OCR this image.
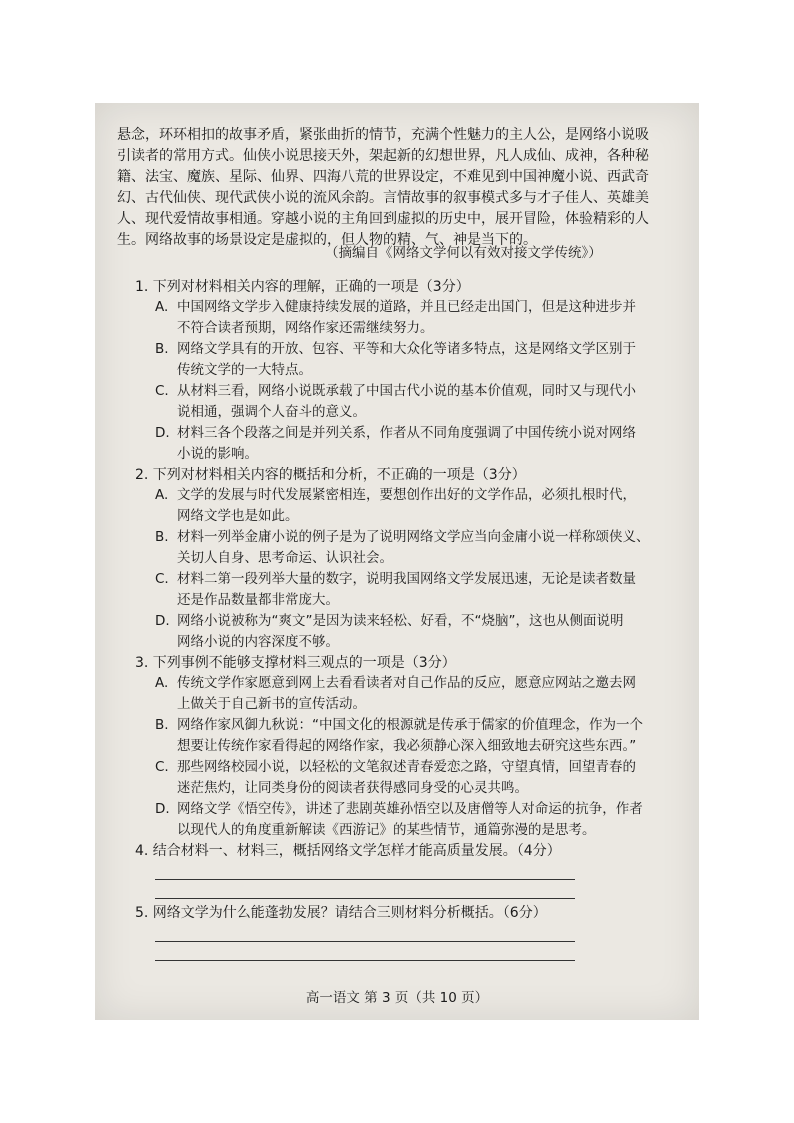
悬念，环环相扣的故事矛盾，紧张曲折的情节，充满个性魅力的主人公，是网络小说吸
引读者的常用方式。仙侠小说思接天外，架起新的幻想世界，凡人成仙、成神，各种秘
籍、法宝、魔族、星际、仙界、四海八荒的世界设定，不难见到中国神魔小说、西武奇
幻、古代仙侠、现代武侠小说的流风余韵。言情故事的叙事模式多与才子佳人、英雄美
人、现代爱情故事相通。穿越小说的主角回到虚拟的历史中，展开冒险，体验精彩的人
生。网络故事的场景设定是虚拟的，但人物的精、气、神是当下的。
（摘编自《网络文学何以有效对接文学传统》）
1. 下列对材料相关内容的理解，正确的一项是（3分）
A. 中国网络文学步入健康持续发展的道路，并且已经走出国门，但是这种进步并
不符合读者预期，网络作家还需继续努力。
B. 网络文学具有的开放、包容、平等和大众化等诸多特点，这是网络文学区别于
传统文学的一大特点。
C. 从材料三看，网络小说既承载了中国古代小说的基本价值观，同时又与现代小
说相通，强调个人奋斗的意义。
D. 材料三各个段落之间是并列关系，作者从不同角度强调了中国传统小说对网络
小说的影响。
2. 下列对材料相关内容的概括和分析，不正确的一项是（3分）
A. 文学的发展与时代发展紧密相连，要想创作出好的文学作品，必须扎根时代，
网络文学也是如此。
B. 材料一列举金庸小说的例子是为了说明网络文学应当向金庸小说一样称颂侠义、
关切人自身、思考命运、认识社会。
C. 材料二第一段列举大量的数字，说明我国网络文学发展迅速，无论是读者数量
还是作品数量都非常庞大。
D. 网络小说被称为“爽文”是因为读来轻松、好看，不“烧脑”，这也从侧面说明
网络小说的内容深度不够。
3. 下列事例不能够支撑材料三观点的一项是（3分）
A. 传统文学作家愿意到网上去看看读者对自己作品的反应，愿意应网站之邀去网
上做关于自己新书的宣传活动。
B. 网络作家风御九秋说：“中国文化的根源就是传承于儒家的价值理念，作为一个
想要让传统作家看得起的网络作家，我必须静心深入细致地去研究这些东西。”
C. 那些网络校园小说，以轻松的文笔叙述青春爱恋之路，守望真情，回望青春的
迷茫焦灼，让同类身份的阅读者获得感同身受的心灵共鸣。
D. 网络文学《悟空传》，讲述了悲剧英雄孙悟空以及唐僧等人对命运的抗争，作者
以现代人的角度重新解读《西游记》的某些情节，通篇弥漫的是思考。
4. 结合材料一、材料三，概括网络文学怎样才能高质量发展。（4分）
5. 网络文学为什么能蓬勃发展？请结合三则材料分析概括。（6分）
高一语文 第 3 页（共 10 页）
